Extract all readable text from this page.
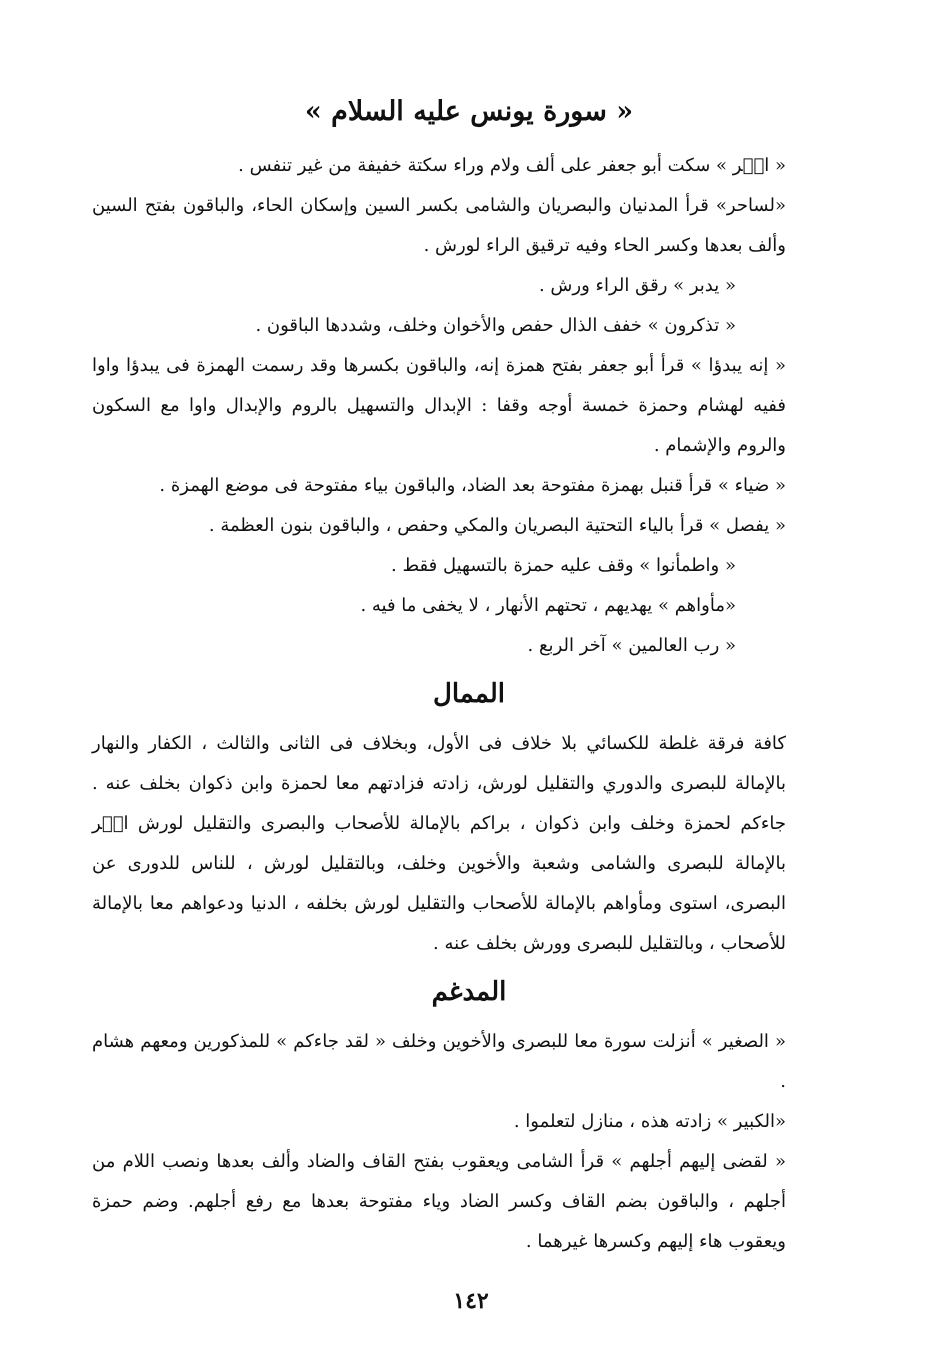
« سورة يونس عليه السلام »

« الۤر » سكت أبو جعفر على ألف ولام وراء سكتة خفيفة من غير تنفس .

«لساحر» قرأ المدنيان والبصريان والشامى بكسر السين وإسكان الحاء، والباقون بفتح السين وألف بعدها وكسر الحاء وفيه ترقيق الراء لورش .

« يدبر » رقق الراء ورش .

« تذكرون » خفف الذال حفص والأخوان وخلف، وشددها الباقون .

« إنه يبدؤا » قرأ أبو جعفر بفتح همزة إنه، والباقون بكسرها وقد رسمت الهمزة فى يبدؤا واوا ففيه لهشام وحمزة خمسة أوجه وقفا : الإبدال والتسهيل بالروم والإبدال واوا مع السكون والروم والإشمام .

« ضياء » قرأ قنبل بهمزة مفتوحة بعد الضاد، والباقون بياء مفتوحة فى موضع الهمزة .

« يفصل » قرأ بالياء التحتية البصريان والمكي وحفص ، والباقون بنون العظمة .

« واطمأنوا » وقف عليه حمزة بالتسهيل فقط .

«مأواهم » يهديهم ، تحتهم الأنهار ، لا يخفى ما فيه .

« رب العالمين » آخر الربع .

الممال

كافة فرقة غلطة للكسائي بلا خلاف فى الأول، وبخلاف فى الثانى والثالث ، الكفار والنهار بالإمالة للبصرى والدوري والتقليل لورش، زادته فزادتهم معا لحمزة وابن ذكوان بخلف عنه . جاءكم لحمزة وخلف وابن ذكوان ، براكم بالإمالة للأصحاب والبصرى والتقليل لورش الۤر بالإمالة للبصرى والشامى وشعبة والأخوين وخلف، وبالتقليل لورش ، للناس للدورى عن البصرى، استوى ومأواهم بالإمالة للأصحاب والتقليل لورش بخلفه ، الدنيا ودعواهم معا بالإمالة للأصحاب ، وبالتقليل للبصرى وورش بخلف عنه .

المدغم

« الصغير » أنزلت سورة معا للبصرى والأخوين وخلف « لقد جاءكم » للمذكورين ومعهم هشام .

«الكبير » زادته هذه ، منازل لتعلموا .

« لقضى إليهم أجلهم » قرأ الشامى ويعقوب بفتح القاف والضاد وألف بعدها ونصب اللام من أجلهم ، والباقون بضم القاف وكسر الضاد وياء مفتوحة بعدها مع رفع أجلهم. وضم حمزة ويعقوب هاء إليهم وكسرها غيرهما .

١٤٢
